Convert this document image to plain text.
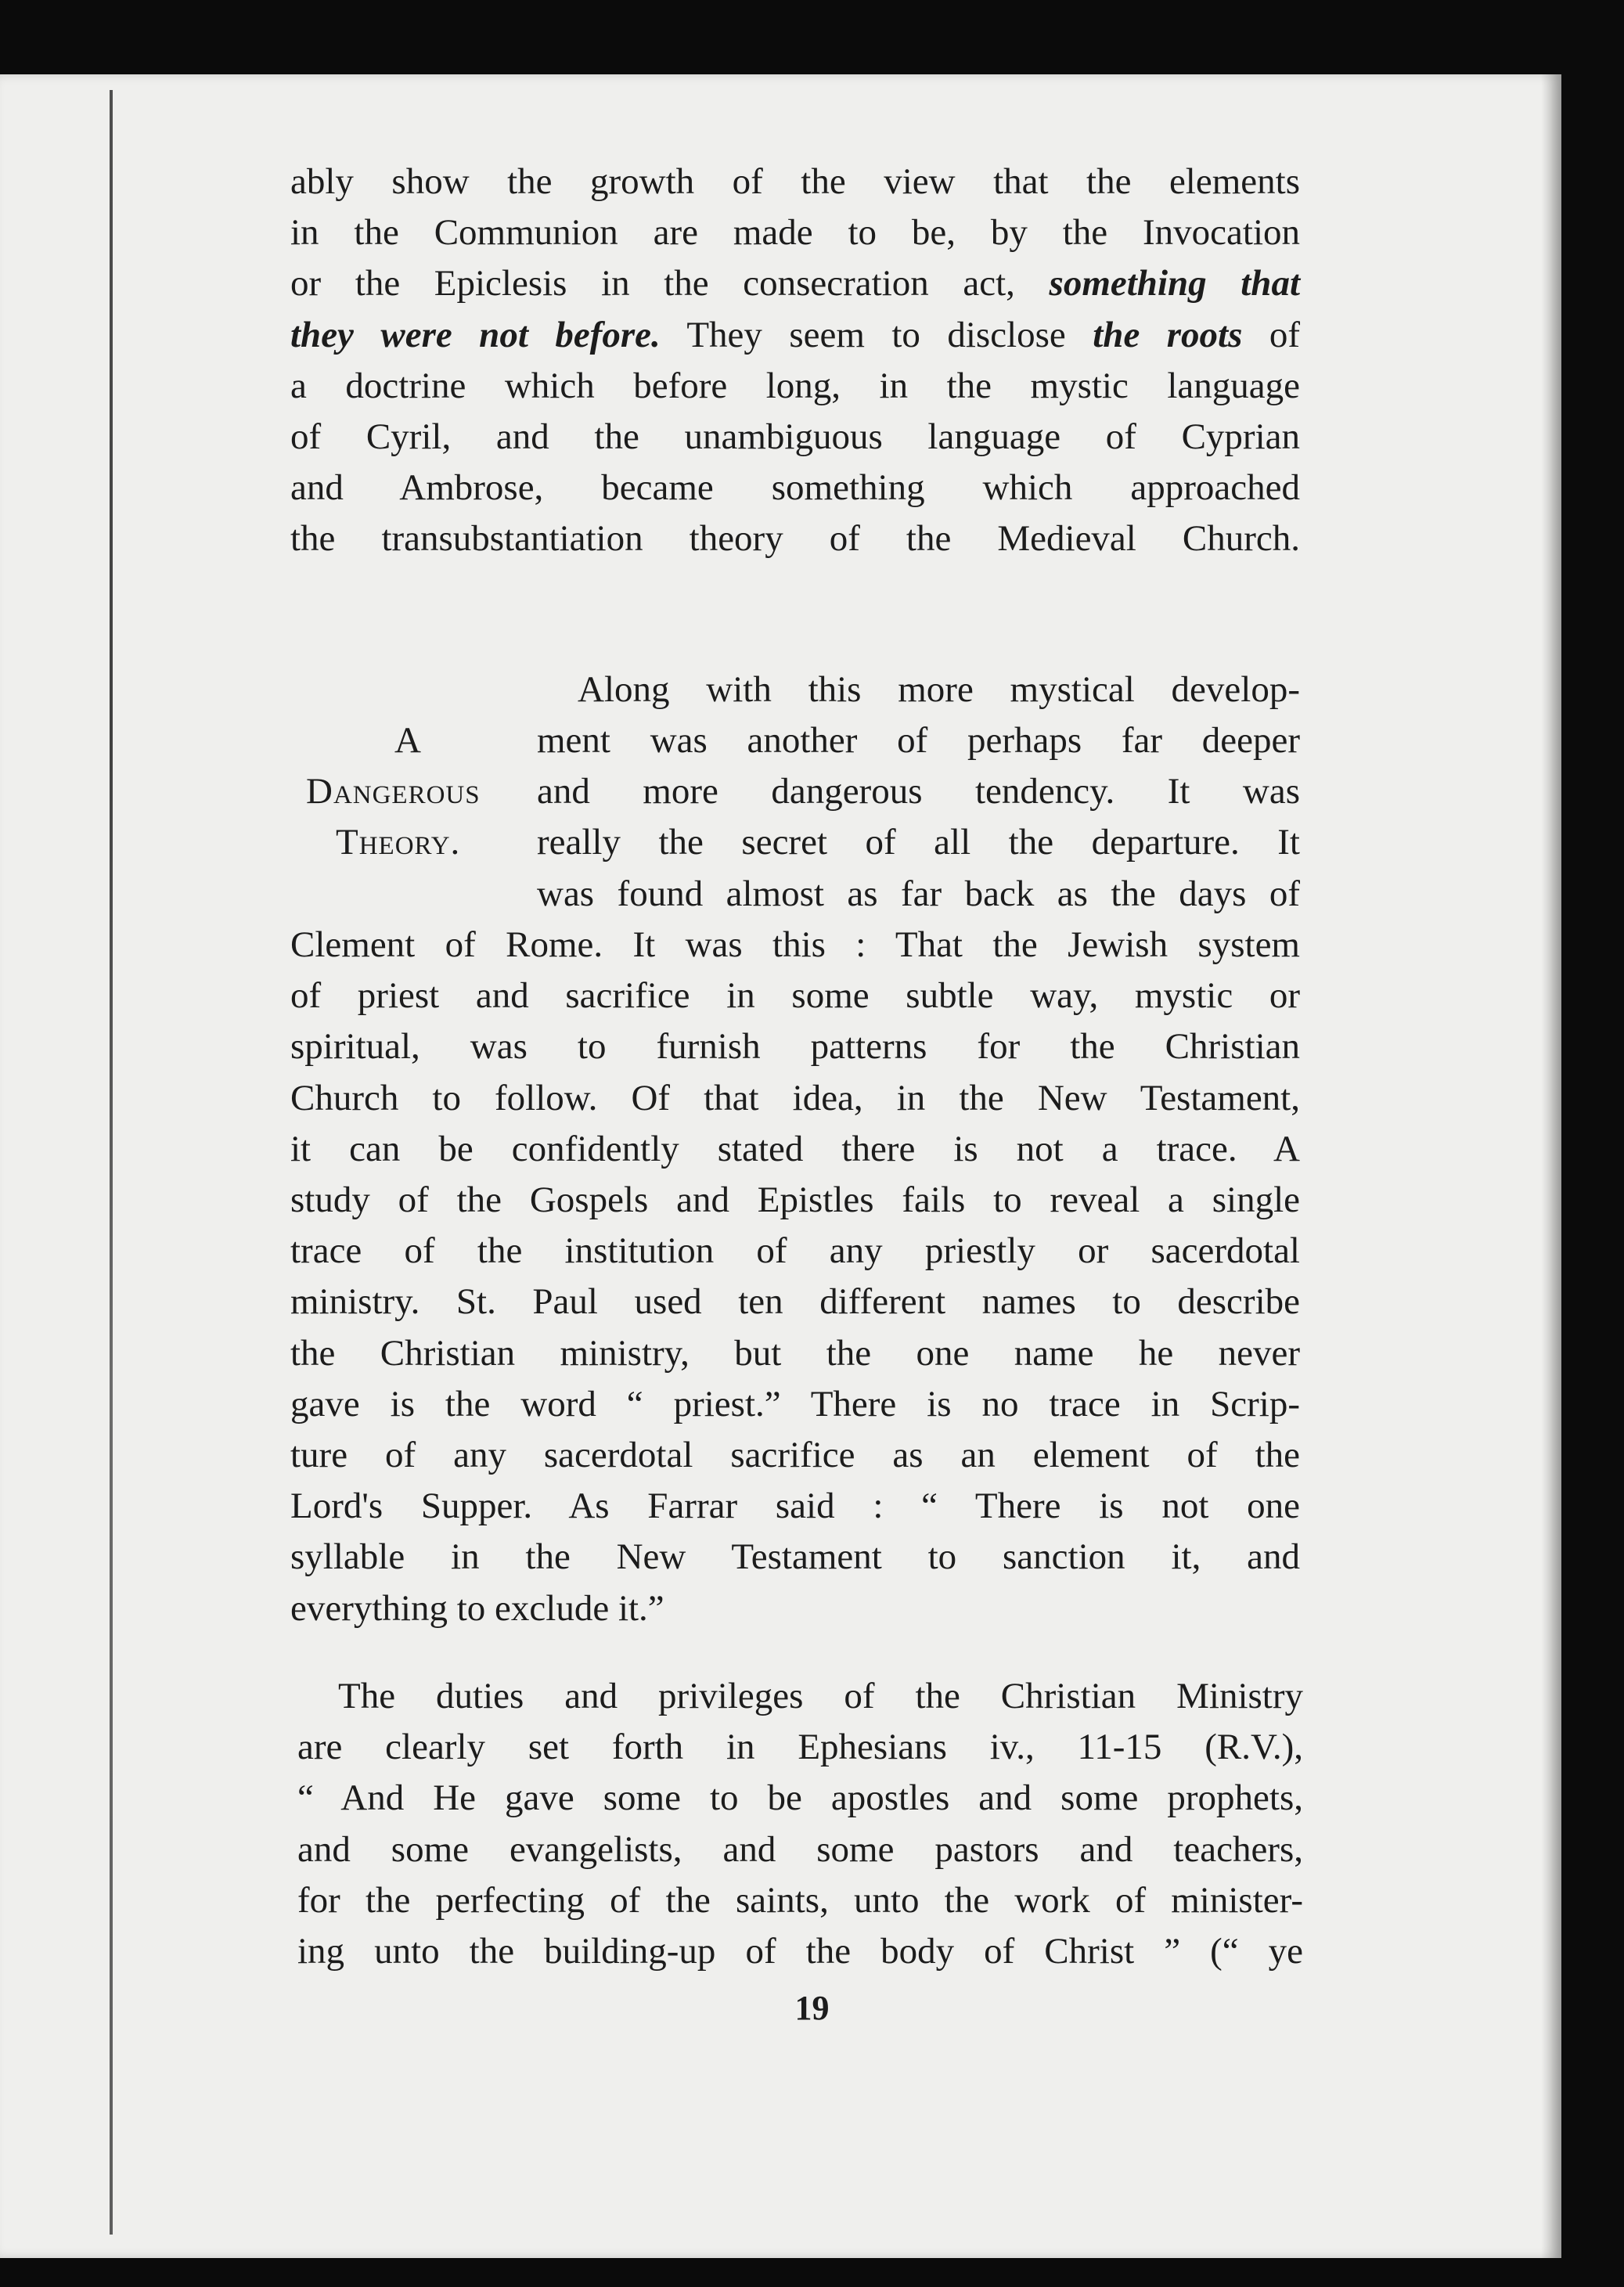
ably show the growth of the view that the elements

in the Communion are made to be, by the Invocation

or the Epiclesis in the consecration act, something that

they were not before. They seem to disclose the roots of

a doctrine which before long, in the mystic language

of Cyril, and the unambiguous language of Cyprian

and Ambrose, became something which approached

the transubstantiation theory of the Medieval Church.

A
Dangerous
Theory.
Along with this more mystical develop-
ment was another of perhaps far deeper
and more dangerous tendency. It was
really the secret of all the departure. It
was found almost as far back as the days of

Clement of Rome. It was this : That the Jewish system

of priest and sacrifice in some subtle way, mystic or

spiritual, was to furnish patterns for the Christian

Church to follow. Of that idea, in the New Testament,

it can be confidently stated there is not a trace. A

study of the Gospels and Epistles fails to reveal a single

trace of the institution of any priestly or sacerdotal

ministry. St. Paul used ten different names to describe

the Christian ministry, but the one name he never

gave is the word “ priest.” There is no trace in Scrip-

ture of any sacerdotal sacrifice as an element of the

Lord's Supper. As Farrar said : “ There is not one

syllable in the New Testament to sanction it, and

everything to exclude it.”

The duties and privileges of the Christian Ministry

are clearly set forth in Ephesians iv., 11-15 (R.V.),

“ And He gave some to be apostles and some prophets,

and some evangelists, and some pastors and teachers,

for the perfecting of the saints, unto the work of minister-

ing unto the building-up of the body of Christ ” (“ ye

19
